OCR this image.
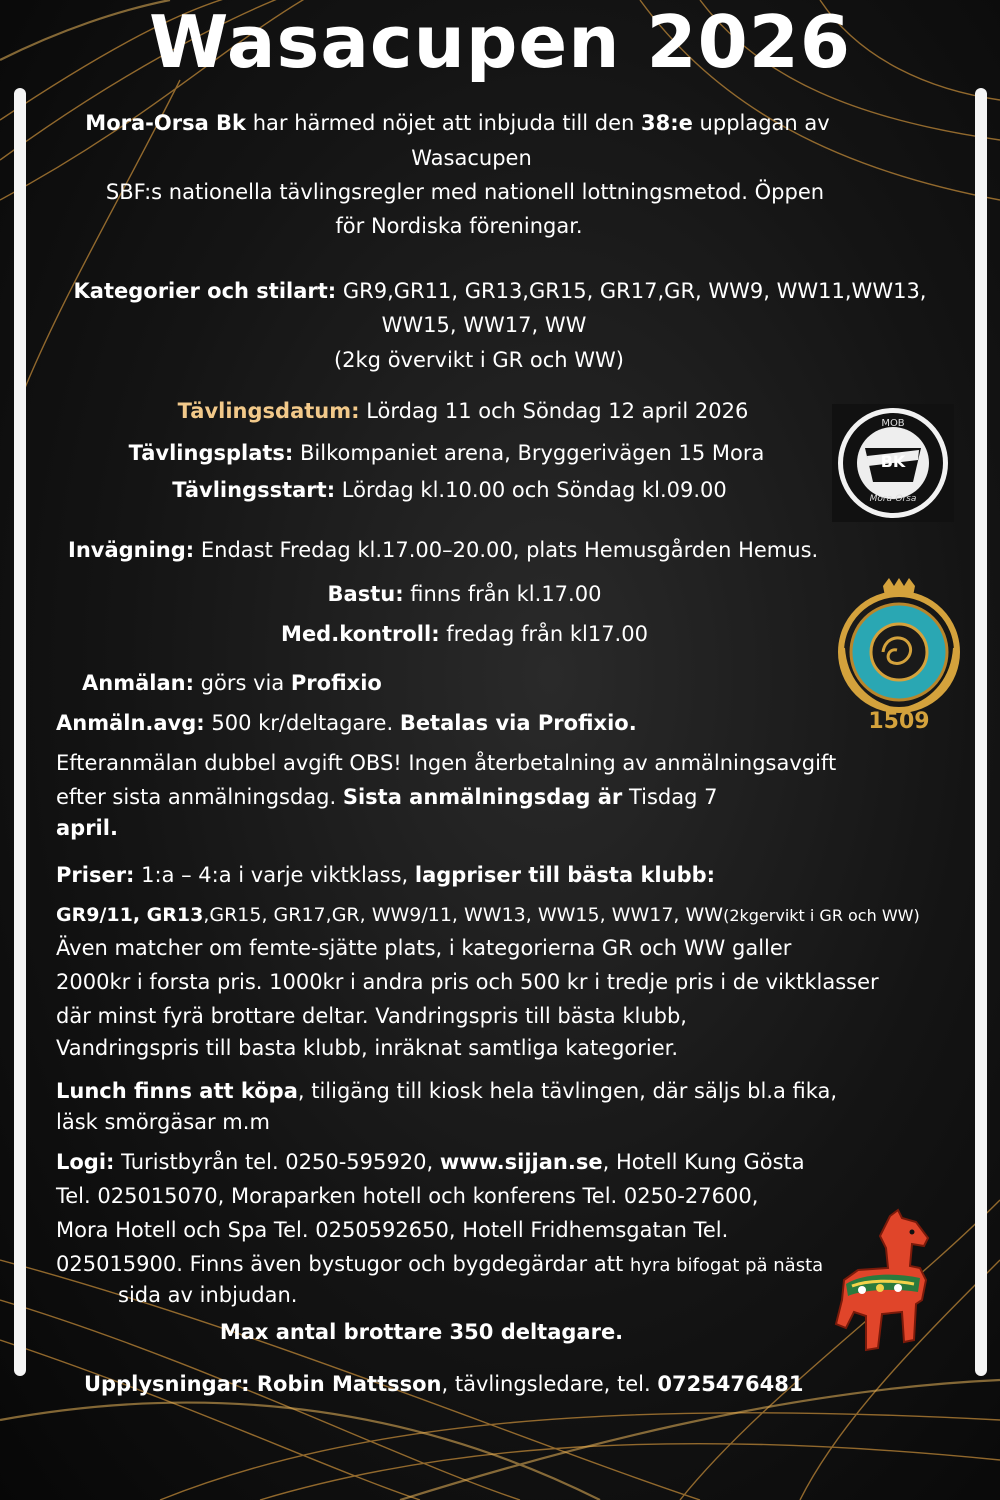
Wasacupen 2026
Mora-Orsa Bk har härmed nöjet att inbjuda till den 38:e upplagan av
Wasacupen
SBF:s nationella tävlingsregler med nationell lottningsmetod. Öppen
för Nordiska föreningar.
Kategorier och stilart: GR9,GR11, GR13,GR15, GR17,GR, WW9, WW11,WW13,
WW15, WW17, WW
(2kg övervikt i GR och WW)
Tävlingsdatum: Lördag 11 och Söndag 12 april 2026
Tävlingsplats: Bilkompaniet arena, Bryggerivägen 15 Mora
Tävlingsstart: Lördag kl.10.00 och Söndag kl.09.00
Invägning: Endast Fredag kl.17.00–20.00, plats Hemusgården Hemus.
Bastu: finns från kl.17.00
Med.kontroll: fredag från kl17.00
Anmälan: görs via Profixio
Anmäln.avg: 500 kr/deltagare. Betalas via Profixio.
Efteranmälan dubbel avgift OBS! Ingen återbetalning av anmälningsavgift
efter sista anmälningsdag. Sista anmälningsdag är Tisdag 7
april.
Priser: 1:a – 4:a i varje viktklass, lagpriser till bästa klubb:
GR9/11, GR13,GR15, GR17,GR, WW9/11, WW13, WW15, WW17, WW(2kgervikt i GR och WW)
Även matcher om femte-sjätte plats, i kategorierna GR och WW galler
2000kr i forsta pris. 1000kr i andra pris och 500 kr i tredje pris i de viktklasser
där minst fyrä brottare deltar. Vandringspris till bästa klubb,
Vandringspris till basta klubb, inräknat samtliga kategorier.
Lunch finns att köpa, tiligäng till kiosk hela tävlingen, där säljs bl.a fika,
läsk smörgäsar m.m
Logi: Turistbyrån tel. 0250-595920, www.sijjan.se, Hotell Kung Gösta
Tel. 025015070, Moraparken hotell och konferens Tel. 0250-27600,
Mora Hotell och Spa Tel. 0250592650, Hotell Fridhemsgatan Tel.
025015900. Finns även bystugor och bygdegärdar att hyra bifogat pä nästa
sida av inbjudan.
Max antal brottare 350 deltagare.
Upplysningar: Robin Mattsson, tävlingsledare, tel. 0725476481
MOB
BK
Mora-Orsa
1509
